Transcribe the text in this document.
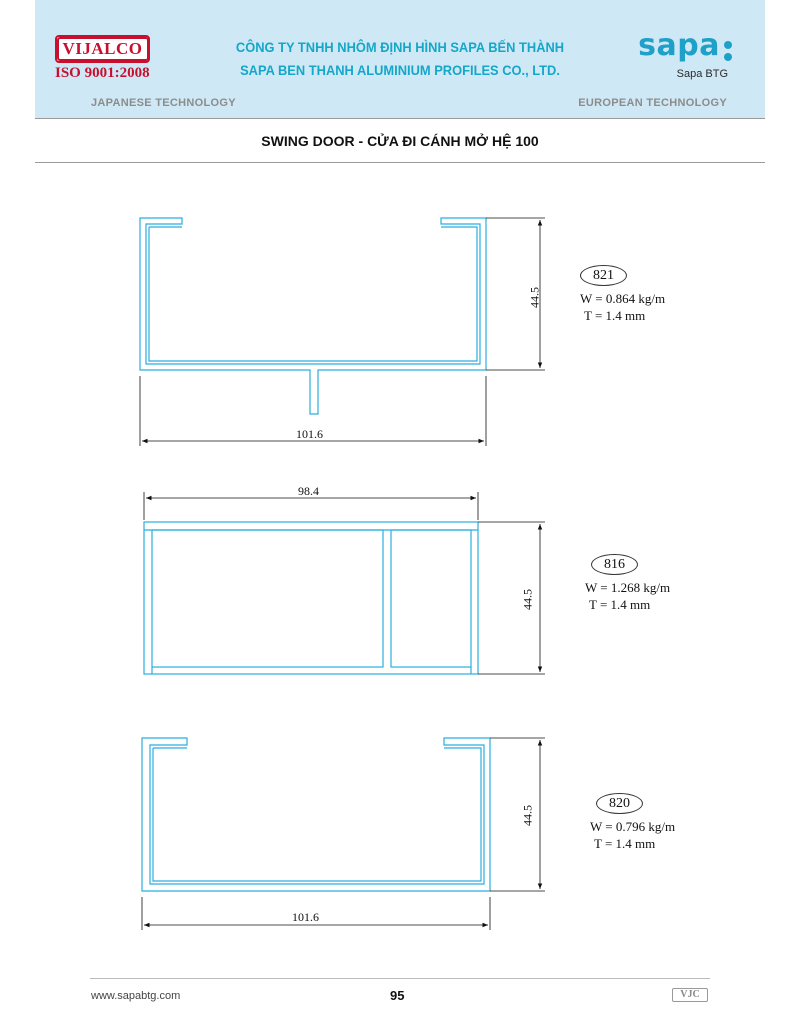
VIJALCO
ISO 9001:2008
CÔNG TY TNHH NHÔM ĐỊNH HÌNH SAPA BẾN THÀNH
SAPA BEN THANH ALUMINIUM PROFILES CO., LTD.
sapa
Sapa BTG
JAPANESE TECHNOLOGY	EUROPEAN TECHNOLOGY
SWING DOOR - CỬA ĐI CÁNH MỞ HỆ 100
44.5
101.6
98.4
44.5
44.5
101.6
821
W = 0.864 kg/m
T = 1.4 mm
816
W = 1.268 kg/m
T = 1.4 mm
820
W = 0.796 kg/m
T = 1.4 mm
www.sapabtg.com	95	VJC
